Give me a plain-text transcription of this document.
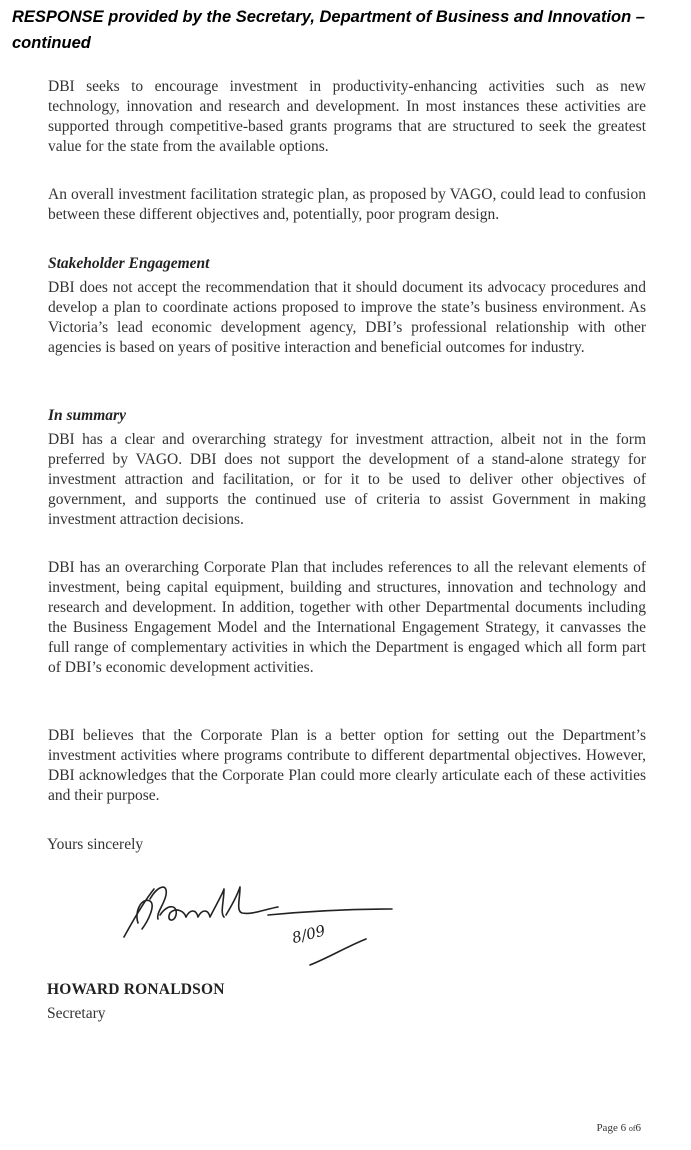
RESPONSE provided by the Secretary, Department of Business and Innovation – continued
DBI seeks to encourage investment in productivity-enhancing activities such as new technology, innovation and research and development. In most instances these activities are supported through competitive-based grants programs that are structured to seek the greatest value for the state from the available options.
An overall investment facilitation strategic plan, as proposed by VAGO, could lead to confusion between these different objectives and, potentially, poor program design.
Stakeholder Engagement
DBI does not accept the recommendation that it should document its advocacy procedures and develop a plan to coordinate actions proposed to improve the state’s business environment. As Victoria’s lead economic development agency, DBI’s professional relationship with other agencies is based on years of positive interaction and beneficial outcomes for industry.
In summary
DBI has a clear and overarching strategy for investment attraction, albeit not in the form preferred by VAGO. DBI does not support the development of a stand-alone strategy for investment attraction and facilitation, or for it to be used to deliver other objectives of government, and supports the continued use of criteria to assist Government in making investment attraction decisions.
DBI has an overarching Corporate Plan that includes references to all the relevant elements of investment, being capital equipment, building and structures, innovation and technology and research and development. In addition, together with other Departmental documents including the Business Engagement Model and the International Engagement Strategy, it canvasses the full range of complementary activities in which the Department is engaged which all form part of DBI’s economic development activities.
DBI believes that the Corporate Plan is a better option for setting out the Department’s investment activities where programs contribute to different departmental objectives. However, DBI acknowledges that the Corporate Plan could more clearly articulate each of these activities and their purpose.
Yours sincerely
8/09
HOWARD RONALDSON
Secretary
Page 6 of6
